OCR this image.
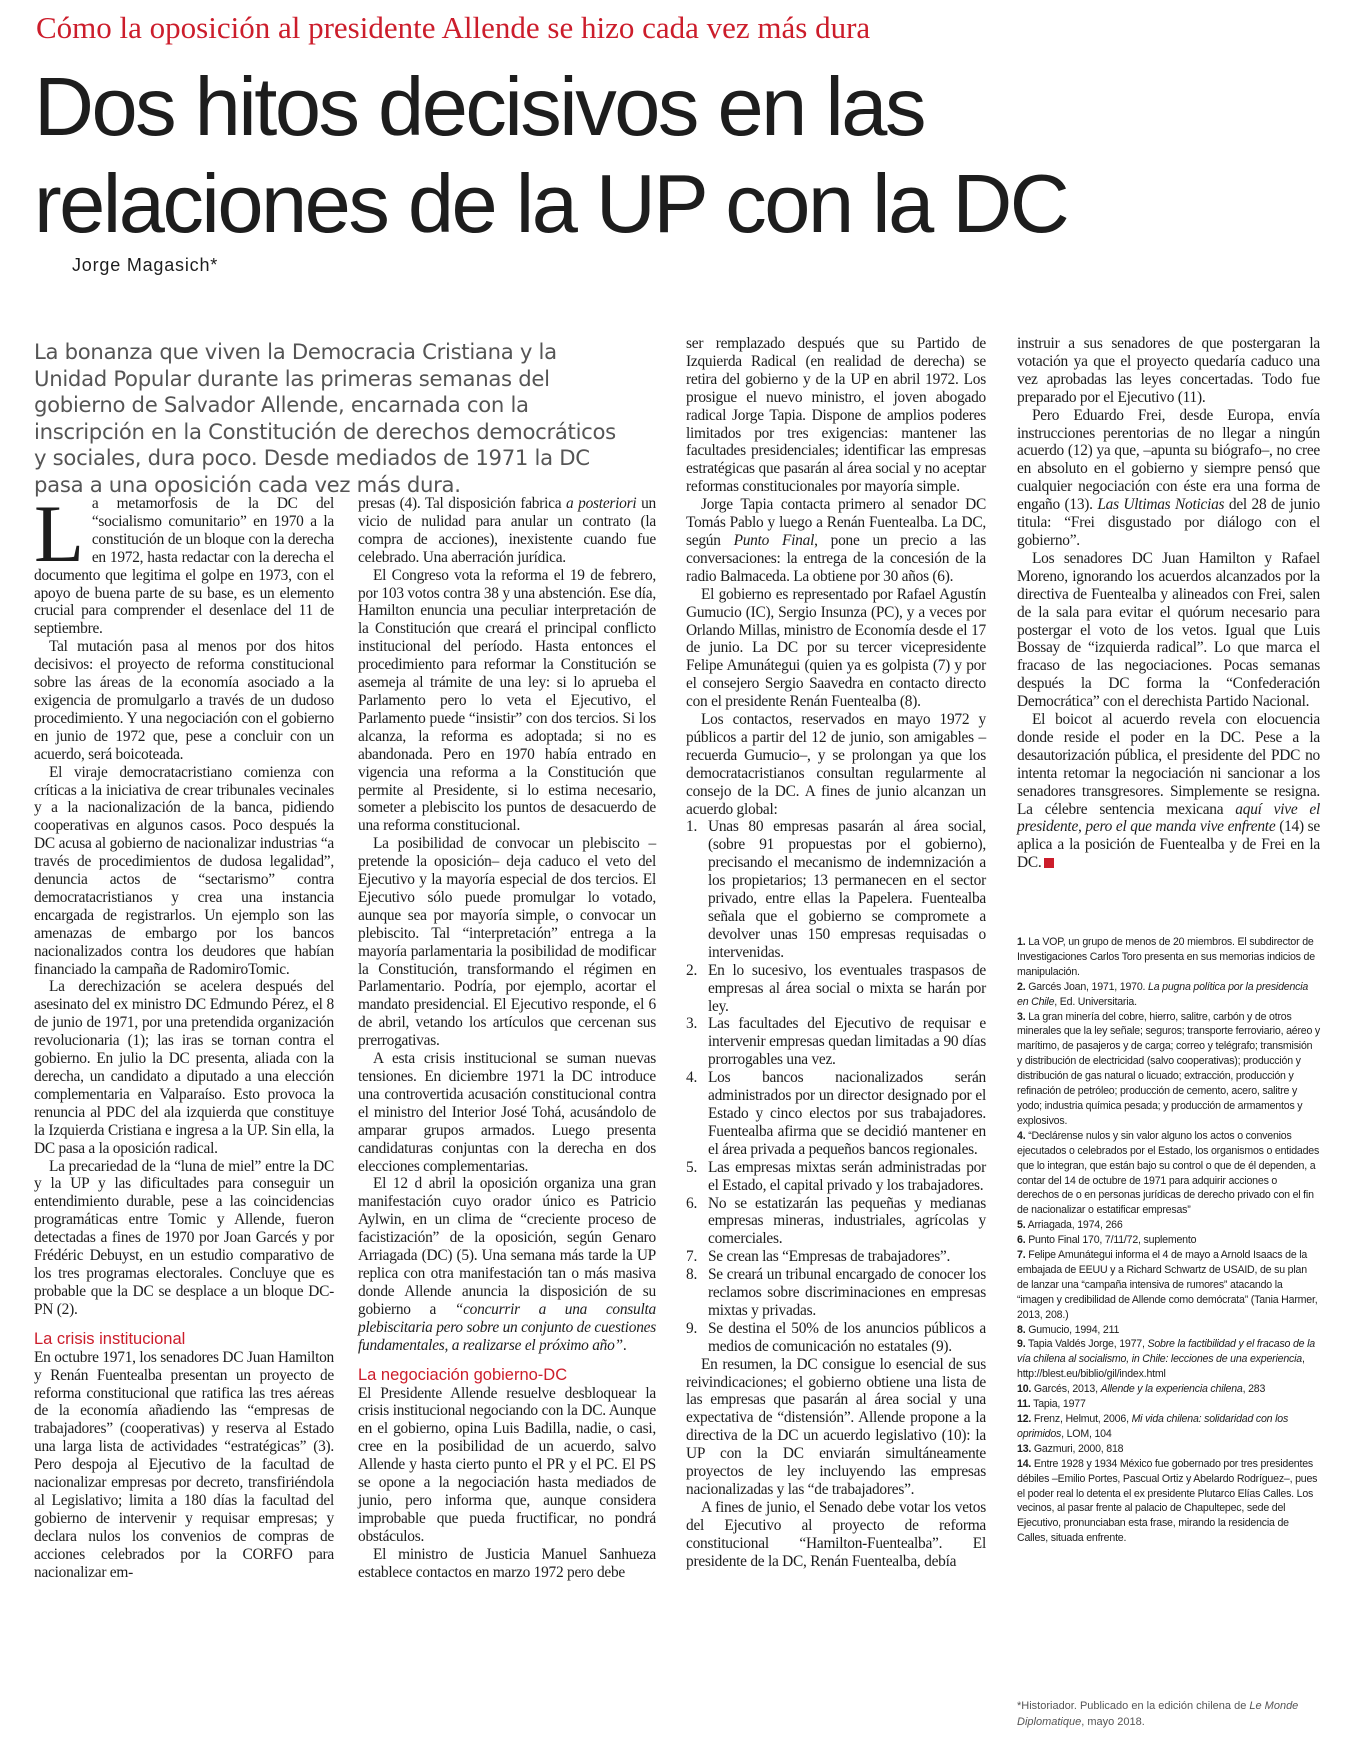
Cómo la oposición al presidente Allende se hizo cada vez más dura
Dos hitos decisivos en las
relaciones de la UP con la DC
Jorge Magasich*

La bonanza que viven la Democracia Cristiana y la
Unidad Popular durante las primeras semanas del
gobierno de Salvador Allende, encarnada con la
inscripción en la Constitución de derechos democráticos
y sociales, dura poco. Desde mediados de 1971 la DC
pasa a una oposición cada vez más dura.

La metamorfosis de la DC del “socialismo comunitario” en 1970 a la constitución de un bloque con la derecha en 1972, hasta redactar con la derecha el documento que legitima el golpe en 1973, con el apoyo de buena parte de su base, es un elemento crucial para comprender el desenlace del 11 de septiembre.

Tal mutación pasa al menos por dos hitos decisivos: el proyecto de reforma constitucional sobre las áreas de la economía asociado a la exigencia de promulgarlo a través de un dudoso procedimiento. Y una negociación con el gobierno en junio de 1972 que, pese a concluir con un acuerdo, será boicoteada.

El viraje democratacristiano comienza con críticas a la iniciativa de crear tribunales vecinales y a la nacionalización de la banca, pidiendo cooperativas en algunos casos. Poco después la DC acusa al gobierno de nacionalizar industrias “a través de procedimientos de dudosa legalidad”, denuncia actos de “sectarismo” contra democratacristianos y crea una instancia encargada de registrarlos. Un ejemplo son las amenazas de embargo por los bancos nacionalizados contra los deudores que habían financiado la campaña de RadomiroTomic.

La derechización se acelera después del asesinato del ex ministro DC Edmundo Pérez, el 8 de junio de 1971, por una pretendida organización revolucionaria (1); las iras se tornan contra el gobierno. En julio la DC presenta, aliada con la derecha, un candidato a diputado a una elección complementaria en Valparaíso. Esto provoca la renuncia al PDC del ala izquierda que constituye la Izquierda Cristiana e ingresa a la UP. Sin ella, la DC pasa a la oposición radical.

La precariedad de la “luna de miel” entre la DC y la UP y las dificultades para conseguir un entendimiento durable, pese a las coincidencias programáticas entre Tomic y Allende, fueron detectadas a fines de 1970 por Joan Garcés y por Frédéric Debuyst, en un estudio comparativo de los tres programas electorales. Concluye que es probable que la DC se desplace a un bloque DC-PN (2).

La crisis institucional

En octubre 1971, los senadores DC Juan Hamilton y Renán Fuentealba presentan un proyecto de reforma constitucional que ratifica las tres aéreas de la economía añadiendo las “empresas de trabajadores” (cooperativas) y reserva al Estado una larga lista de actividades “estratégicas” (3). Pero despoja al Ejecutivo de la facultad de nacionalizar empresas por decreto, transfiriéndola al Legislativo; limita a 180 días la facultad del gobierno de intervenir y requisar empresas; y declara nulos los convenios de compras de acciones celebrados por la CORFO para nacionalizar em-

presas (4). Tal disposición fabrica a posteriori un vicio de nulidad para anular un contrato (la compra de acciones), inexistente cuando fue celebrado. Una aberración jurídica.

El Congreso vota la reforma el 19 de febrero, por 103 votos contra 38 y una abstención. Ese día, Hamilton enuncia una peculiar interpretación de la Constitución que creará el principal conflicto institucional del período. Hasta entonces el procedimiento para reformar la Constitución se asemeja al trámite de una ley: si lo aprueba el Parlamento pero lo veta el Ejecutivo, el Parlamento puede “insistir” con dos tercios. Si los alcanza, la reforma es adoptada; si no es abandonada. Pero en 1970 había entrado en vigencia una reforma a la Constitución que permite al Presidente, si lo estima necesario, someter a plebiscito los puntos de desacuerdo de una reforma constitucional.

La posibilidad de convocar un plebiscito –pretende la oposición– deja caduco el veto del Ejecutivo y la mayoría especial de dos tercios. El Ejecutivo sólo puede promulgar lo votado, aunque sea por mayoría simple, o convocar un plebiscito. Tal “interpretación” entrega a la mayoría parlamentaria la posibilidad de modificar la Constitución, transformando el régimen en Parlamentario. Podría, por ejemplo, acortar el mandato presidencial. El Ejecutivo responde, el 6 de abril, vetando los artículos que cercenan sus prerrogativas.

A esta crisis institucional se suman nuevas tensiones. En diciembre 1971 la DC introduce una controvertida acusación constitucional contra el ministro del Interior José Tohá, acusándolo de amparar grupos armados. Luego presenta candidaturas conjuntas con la derecha en dos elecciones complementarias.

El 12 d abril la oposición organiza una gran manifestación cuyo orador único es Patricio Aylwin, en un clima de “creciente proceso de facistización” de la oposición, según Genaro Arriagada (DC) (5). Una semana más tarde la UP replica con otra manifestación tan o más masiva donde Allende anuncia la disposición de su gobierno a “concurrir a una consulta plebiscitaria pero sobre un conjunto de cuestiones fundamentales, a realizarse el próximo año”.

La negociación gobierno-DC

El Presidente Allende resuelve desbloquear la crisis institucional negociando con la DC. Aunque en el gobierno, opina Luis Badilla, nadie, o casi, cree en la posibilidad de un acuerdo, salvo Allende y hasta cierto punto el PR y el PC. El PS se opone a la negociación hasta mediados de junio, pero informa que, aunque considera improbable que pueda fructificar, no pondrá obstáculos.

El ministro de Justicia Manuel Sanhueza establece contactos en marzo 1972 pero debe

ser remplazado después que su Partido de Izquierda Radical (en realidad de derecha) se retira del gobierno y de la UP en abril 1972. Los prosigue el nuevo ministro, el joven abogado radical Jorge Tapia. Dispone de amplios poderes limitados por tres exigencias: mantener las facultades presidenciales; identificar las empresas estratégicas que pasarán al área social y no aceptar reformas constitucionales por mayoría simple.

Jorge Tapia contacta primero al senador DC Tomás Pablo y luego a Renán Fuentealba. La DC, según Punto Final, pone un precio a las conversaciones: la entrega de la concesión de la radio Balmaceda. La obtiene por 30 años (6).

El gobierno es representado por Rafael Agustín Gumucio (IC), Sergio Insunza (PC), y a veces por Orlando Millas, ministro de Economía desde el 17 de junio. La DC por su tercer vicepresidente Felipe Amunátegui (quien ya es golpista (7) y por el consejero Sergio Saavedra en contacto directo con el presidente Renán Fuentealba (8).

Los contactos, reservados en mayo 1972 y públicos a partir del 12 de junio, son amigables –recuerda Gumucio–, y se prolongan ya que los democratacristianos consultan regularmente al consejo de la DC. A fines de junio alcanzan un acuerdo global:

1. Unas 80 empresas pasarán al área social, (sobre 91 propuestas por el gobierno), precisando el mecanismo de indemnización a los propietarios; 13 permanecen en el sector privado, entre ellas la Papelera. Fuentealba señala que el gobierno se compromete a devolver unas 150 empresas requisadas o intervenidas.
2. En lo sucesivo, los eventuales traspasos de empresas al área social o mixta se harán por ley.
3. Las facultades del Ejecutivo de requisar e intervenir empresas quedan limitadas a 90 días prorrogables una vez.
4. Los bancos nacionalizados serán administrados por un director designado por el Estado y cinco electos por sus trabajadores. Fuentealba afirma que se decidió mantener en el área privada a pequeños bancos regionales.
5. Las empresas mixtas serán administradas por el Estado, el capital privado y los trabajadores.
6. No se estatizarán las pequeñas y medianas empresas mineras, industriales, agrícolas y comerciales.
7. Se crean las “Empresas de trabajadores”.
8. Se creará un tribunal encargado de conocer los reclamos sobre discriminaciones en empresas mixtas y privadas.
9. Se destina el 50% de los anuncios públicos a medios de comunicación no estatales (9).

En resumen, la DC consigue lo esencial de sus reivindicaciones; el gobierno obtiene una lista de las empresas que pasarán al área social y una expectativa de “distensión”. Allende propone a la directiva de la DC un acuerdo legislativo (10): la UP con la DC enviarán simultáneamente proyectos de ley incluyendo las empresas nacionalizadas y las “de trabajadores”.

A fines de junio, el Senado debe votar los vetos del Ejecutivo al proyecto de reforma constitucional “Hamilton-Fuentealba”. El presidente de la DC, Renán Fuentealba, debía

instruir a sus senadores de que postergaran la votación ya que el proyecto quedaría caduco una vez aprobadas las leyes concertadas. Todo fue preparado por el Ejecutivo (11).

Pero Eduardo Frei, desde Europa, envía instrucciones perentorias de no llegar a ningún acuerdo (12) ya que, –apunta su biógrafo–, no cree en absoluto en el gobierno y siempre pensó que cualquier negociación con éste era una forma de engaño (13). Las Ultimas Noticias del 28 de junio titula: “Frei disgustado por diálogo con el gobierno”.

Los senadores DC Juan Hamilton y Rafael Moreno, ignorando los acuerdos alcanzados por la directiva de Fuentealba y alineados con Frei, salen de la sala para evitar el quórum necesario para postergar el voto de los vetos. Igual que Luis Bossay de “izquierda radical”. Lo que marca el fracaso de las negociaciones. Pocas semanas después la DC forma la “Confederación Democrática” con el derechista Partido Nacional.

El boicot al acuerdo revela con elocuencia donde reside el poder en la DC. Pese a la desautorización pública, el presidente del PDC no intenta retomar la negociación ni sancionar a los senadores transgresores. Simplemente se resigna. La célebre sentencia mexicana aquí vive el presidente, pero el que manda vive enfrente (14) se aplica a la posición de Fuentealba y de Frei en la DC.

1. La VOP, un grupo de menos de 20 miembros. El subdirector de Investigaciones Carlos Toro presenta en sus memorias indicios de manipulación.

2. Garcés Joan, 1971, 1970. La pugna política por la presidencia en Chile, Ed. Universitaria.

3. La gran minería del cobre, hierro, salitre, carbón y de otros minerales que la ley señale; seguros; transporte ferroviario, aéreo y marítimo, de pasajeros y de carga; correo y telégrafo; transmisión y distribución de electricidad (salvo cooperativas); producción y distribución de gas natural o licuado; extracción, producción y refinación de petróleo; producción de cemento, acero, salitre y yodo; industria química pesada; y producción de armamentos y explosivos.

4. “Declárense nulos y sin valor alguno los actos o convenios ejecutados o celebrados por el Estado, los organismos o entidades que lo integran, que están bajo su control o que de él dependen, a contar del 14 de octubre de 1971 para adquirir acciones o derechos de o en personas jurídicas de derecho privado con el fin de nacionalizar o estatificar empresas”

5. Arriagada, 1974, 266

6. Punto Final 170, 7/11/72, suplemento

7. Felipe Amunátegui informa el 4 de mayo a Arnold Isaacs de la embajada de EEUU y a Richard Schwartz de USAID, de su plan de lanzar una “campaña intensiva de rumores” atacando la “imagen y credibilidad de Allende como demócrata” (Tania Harmer, 2013, 208.)

8. Gumucio, 1994, 211

9. Tapia Valdés Jorge, 1977, Sobre la factibilidad y el fracaso de la vía chilena al socialismo, in Chile: lecciones de una experiencia, http://blest.eu/biblio/gil/index.html

10. Garcés, 2013, Allende y la experiencia chilena, 283

11. Tapia, 1977

12. Frenz, Helmut, 2006, Mi vida chilena: solidaridad con los oprimidos, LOM, 104

13. Gazmuri, 2000, 818

14. Entre 1928 y 1934 México fue gobernado por tres presidentes débiles –Emilio Portes, Pascual Ortiz y Abelardo Rodríguez–, pues el poder real lo detenta el ex presidente Plutarco Elías Calles. Los vecinos, al pasar frente al palacio de Chapultepec, sede del Ejecutivo, pronunciaban esta frase, mirando la residencia de Calles, situada enfrente.

*Historiador. Publicado en la edición chilena de Le Monde Diplomatique, mayo 2018.
